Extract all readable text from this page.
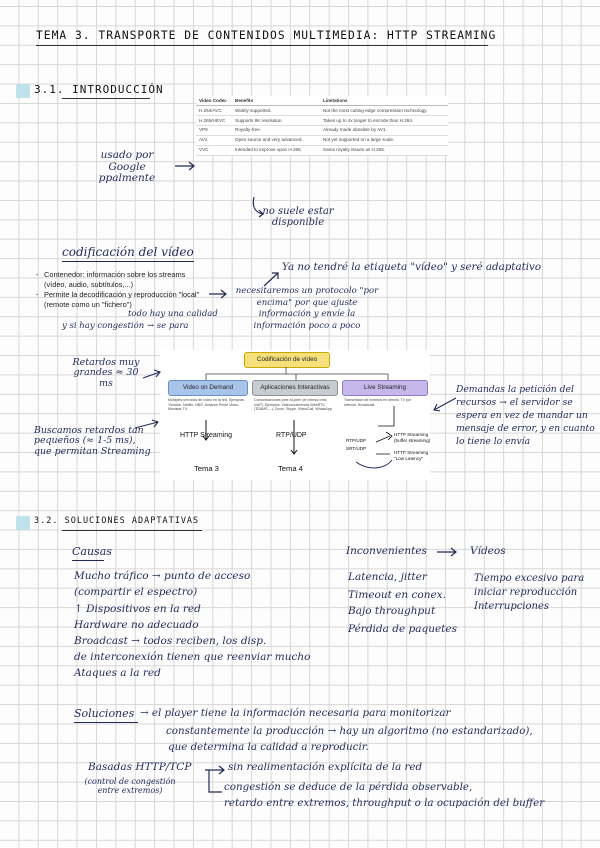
TEMA 3. TRANSPORTE DE CONTENIDOS MULTIMEDIA: HTTP STREAMING
3.1. INTRODUCCIÓN
Video Codec	Benefits	Limitations
H.264/AVC	Widely supported.	Not the most cutting-edge compression technology.
H.265/HEVC	Supports 8K resolution.	Takes up to 4x longer to encode than H.264.
VP9	Royalty-free.	Already made obsolete by AV1.
AV1	Open source and very advanced.	Not yet supported on a large scale.
VVC	Intended to improve upon H.265.	Same royalty issues as H.265.
usado por Google ppalmente
no suele estar disponible
codificación del vídeo
- Contenedor: información sobre los streams (vídeo, audio, subtítulos,...)
- Permite la decodificación y reproducción "local" (remote como un "fichero")
todo hay una calidad
y si hay congestión → se para
Ya no tendré la etiqueta "vídeo" y seré adaptativo
necesitaremos un protocolo "por encima" por que ajuste información y envíe la información poco a poco
Codificación de vídeo
Video on Demand	Aplicaciones Interactivas	Live Streaming
Múltiples servicios de vídeo en la red. Ejemplos: Youtube, Netflix, HBO, Amazon Prime Video, Movistar TV.
Comunicaciones peer-to-peer (en tiempo real, VoIP). Ejemplos: Videoconferencia WebRTC (TEAMS,...), Zoom, Skype, VideoCall, WhatsApp
Transmisión de eventos en directo. Tv por Internet. Broadcast.
HTTP Streaming	RTP/UDP
RTP/UDP
SRT/UDP
HTTP Streaming (buffer streaming)
HTTP Streaming "Low Latency"
Tema 3	Tema 4
Retardos muy grandes ≈ 30 ms
Buscamos retardos tan pequeños (≈ 1-5 ms), que permitan Streaming
Demandas la petición del recursos → el servidor se espera en vez de mandar un mensaje de error, y en cuanto lo tiene lo envía
3.2. SOLUCIONES ADAPTATIVAS
Causas
Mucho tráfico → punto de acceso
(compartir el espectro)
↑ Dispositivos en la red
Hardware no adecuado
Broadcast → todos reciben, los disp.
de interconexión tienen que reenviar mucho
Ataques a la red
Inconvenientes	Vídeos
Latencia, jitter
Timeout en conex.
Bajo throughput
Pérdida de paquetes
Tiempo excesivo para
iniciar reproducción
Interrupciones
Soluciones → el player tiene la información necesaria para monitorizar
constantemente la producción → hay un algoritmo (no estandarizado),
que determina la calidad a reproducir.
Basadas HTTP/TCP
(control de congestión entre extremos)
sin realimentación explícita de la red
congestión se deduce de la pérdida observable,
retardo entre extremos, throughput o la ocupación del buffer
